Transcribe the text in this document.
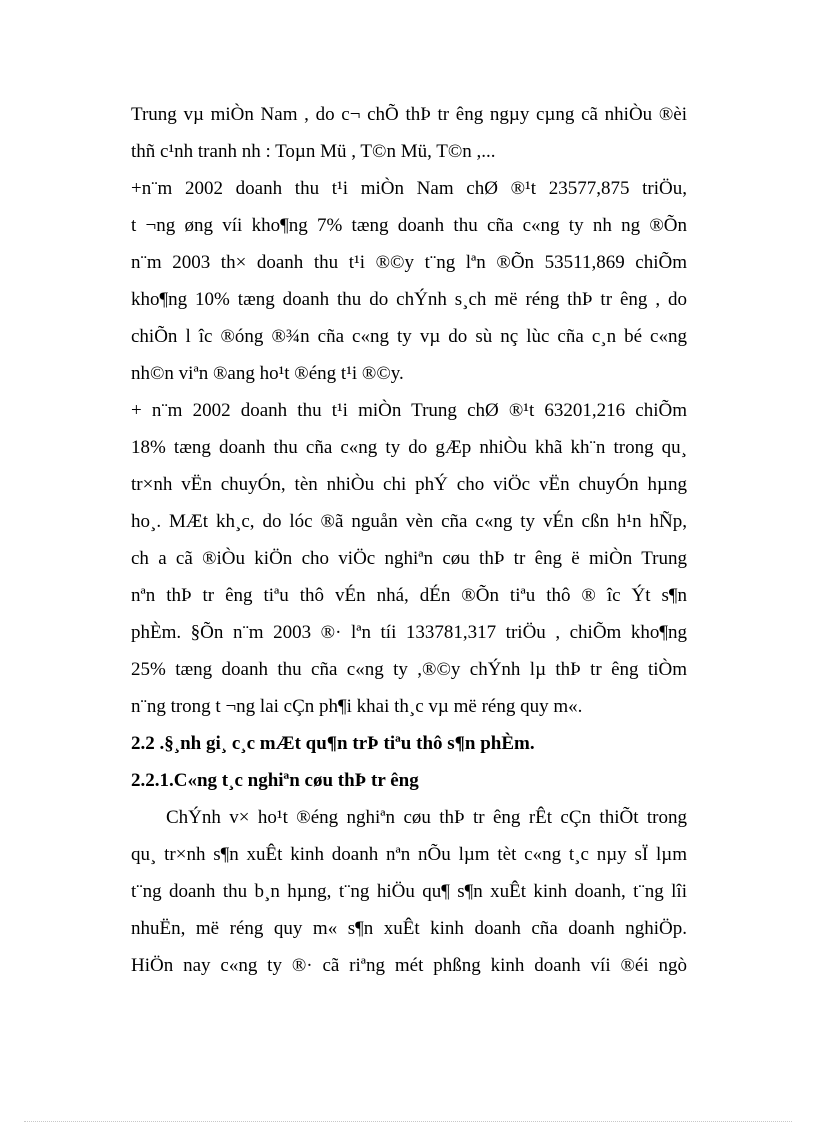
Trung vµ miÒn Nam , do c¬ chÕ thÞ tr êng ngµy cµng cã nhiÒu ®èi
thñ c¹nh tranh nh : Toµn Mü , T©n Mü, T©n ,...
+n¨m 2002 doanh thu t¹i miÒn Nam chØ ®¹t 23577,875 triÖu,
t ¬ng øng víi kho¶ng 7% tæng doanh thu cña c«ng ty nh ng ®Õn
n¨m 2003 th× doanh thu t¹i ®©y t¨ng lªn ®Õn 53511,869 chiÕm
kho¶ng 10% tæng doanh thu do chÝnh s¸ch më réng thÞ tr êng , do
chiÕn l îc ®óng ®¾n cña c«ng ty vµ do sù nç lùc cña c¸n bé c«ng
nh©n viªn ®ang ho¹t ®éng t¹i ®©y.
+ n¨m 2002 doanh thu t¹i miÒn Trung chØ ®¹t 63201,216 chiÕm
18% tæng doanh thu cña c«ng ty do gÆp nhiÒu khã kh¨n trong qu¸
tr×nh vËn chuyÓn, tèn nhiÒu chi phÝ cho viÖc vËn chuyÓn hµng
ho¸. MÆt kh¸c, do lóc ®ã nguån vèn cña c«ng ty vÉn cßn h¹n hÑp,
ch a cã ®iÒu kiÖn cho viÖc nghiªn cøu thÞ tr êng ë miÒn Trung
nªn thÞ tr êng tiªu thô vÉn nhá, dÉn ®Õn tiªu thô ® îc Ýt s¶n
phÈm. §Õn n¨m 2003 ®· lªn tíi 133781,317 triÖu , chiÕm kho¶ng
25% tæng doanh thu cña c«ng ty ,®©y chÝnh lµ thÞ tr êng tiÒm
n¨ng trong t ¬ng lai cÇn ph¶i khai th¸c vµ më réng quy m«.
2.2 .§¸nh gi¸ c¸c mÆt qu¶n trÞ tiªu thô s¶n phÈm.
2.2.1.C«ng t¸c nghiªn cøu thÞ tr êng
ChÝnh v× ho¹t ®éng nghiªn cøu thÞ tr êng rÊt cÇn thiÕt trong
qu¸ tr×nh s¶n xuÊt kinh doanh nªn nÕu lµm tèt c«ng t¸c nµy sÏ lµm
t¨ng doanh thu b¸n hµng, t¨ng hiÖu qu¶ s¶n xuÊt kinh doanh, t¨ng lîi
nhuËn, më réng quy m« s¶n xuÊt kinh doanh cña doanh nghiÖp.
HiÖn nay c«ng ty ®· cã riªng mét phßng kinh doanh víi ®éi ngò
